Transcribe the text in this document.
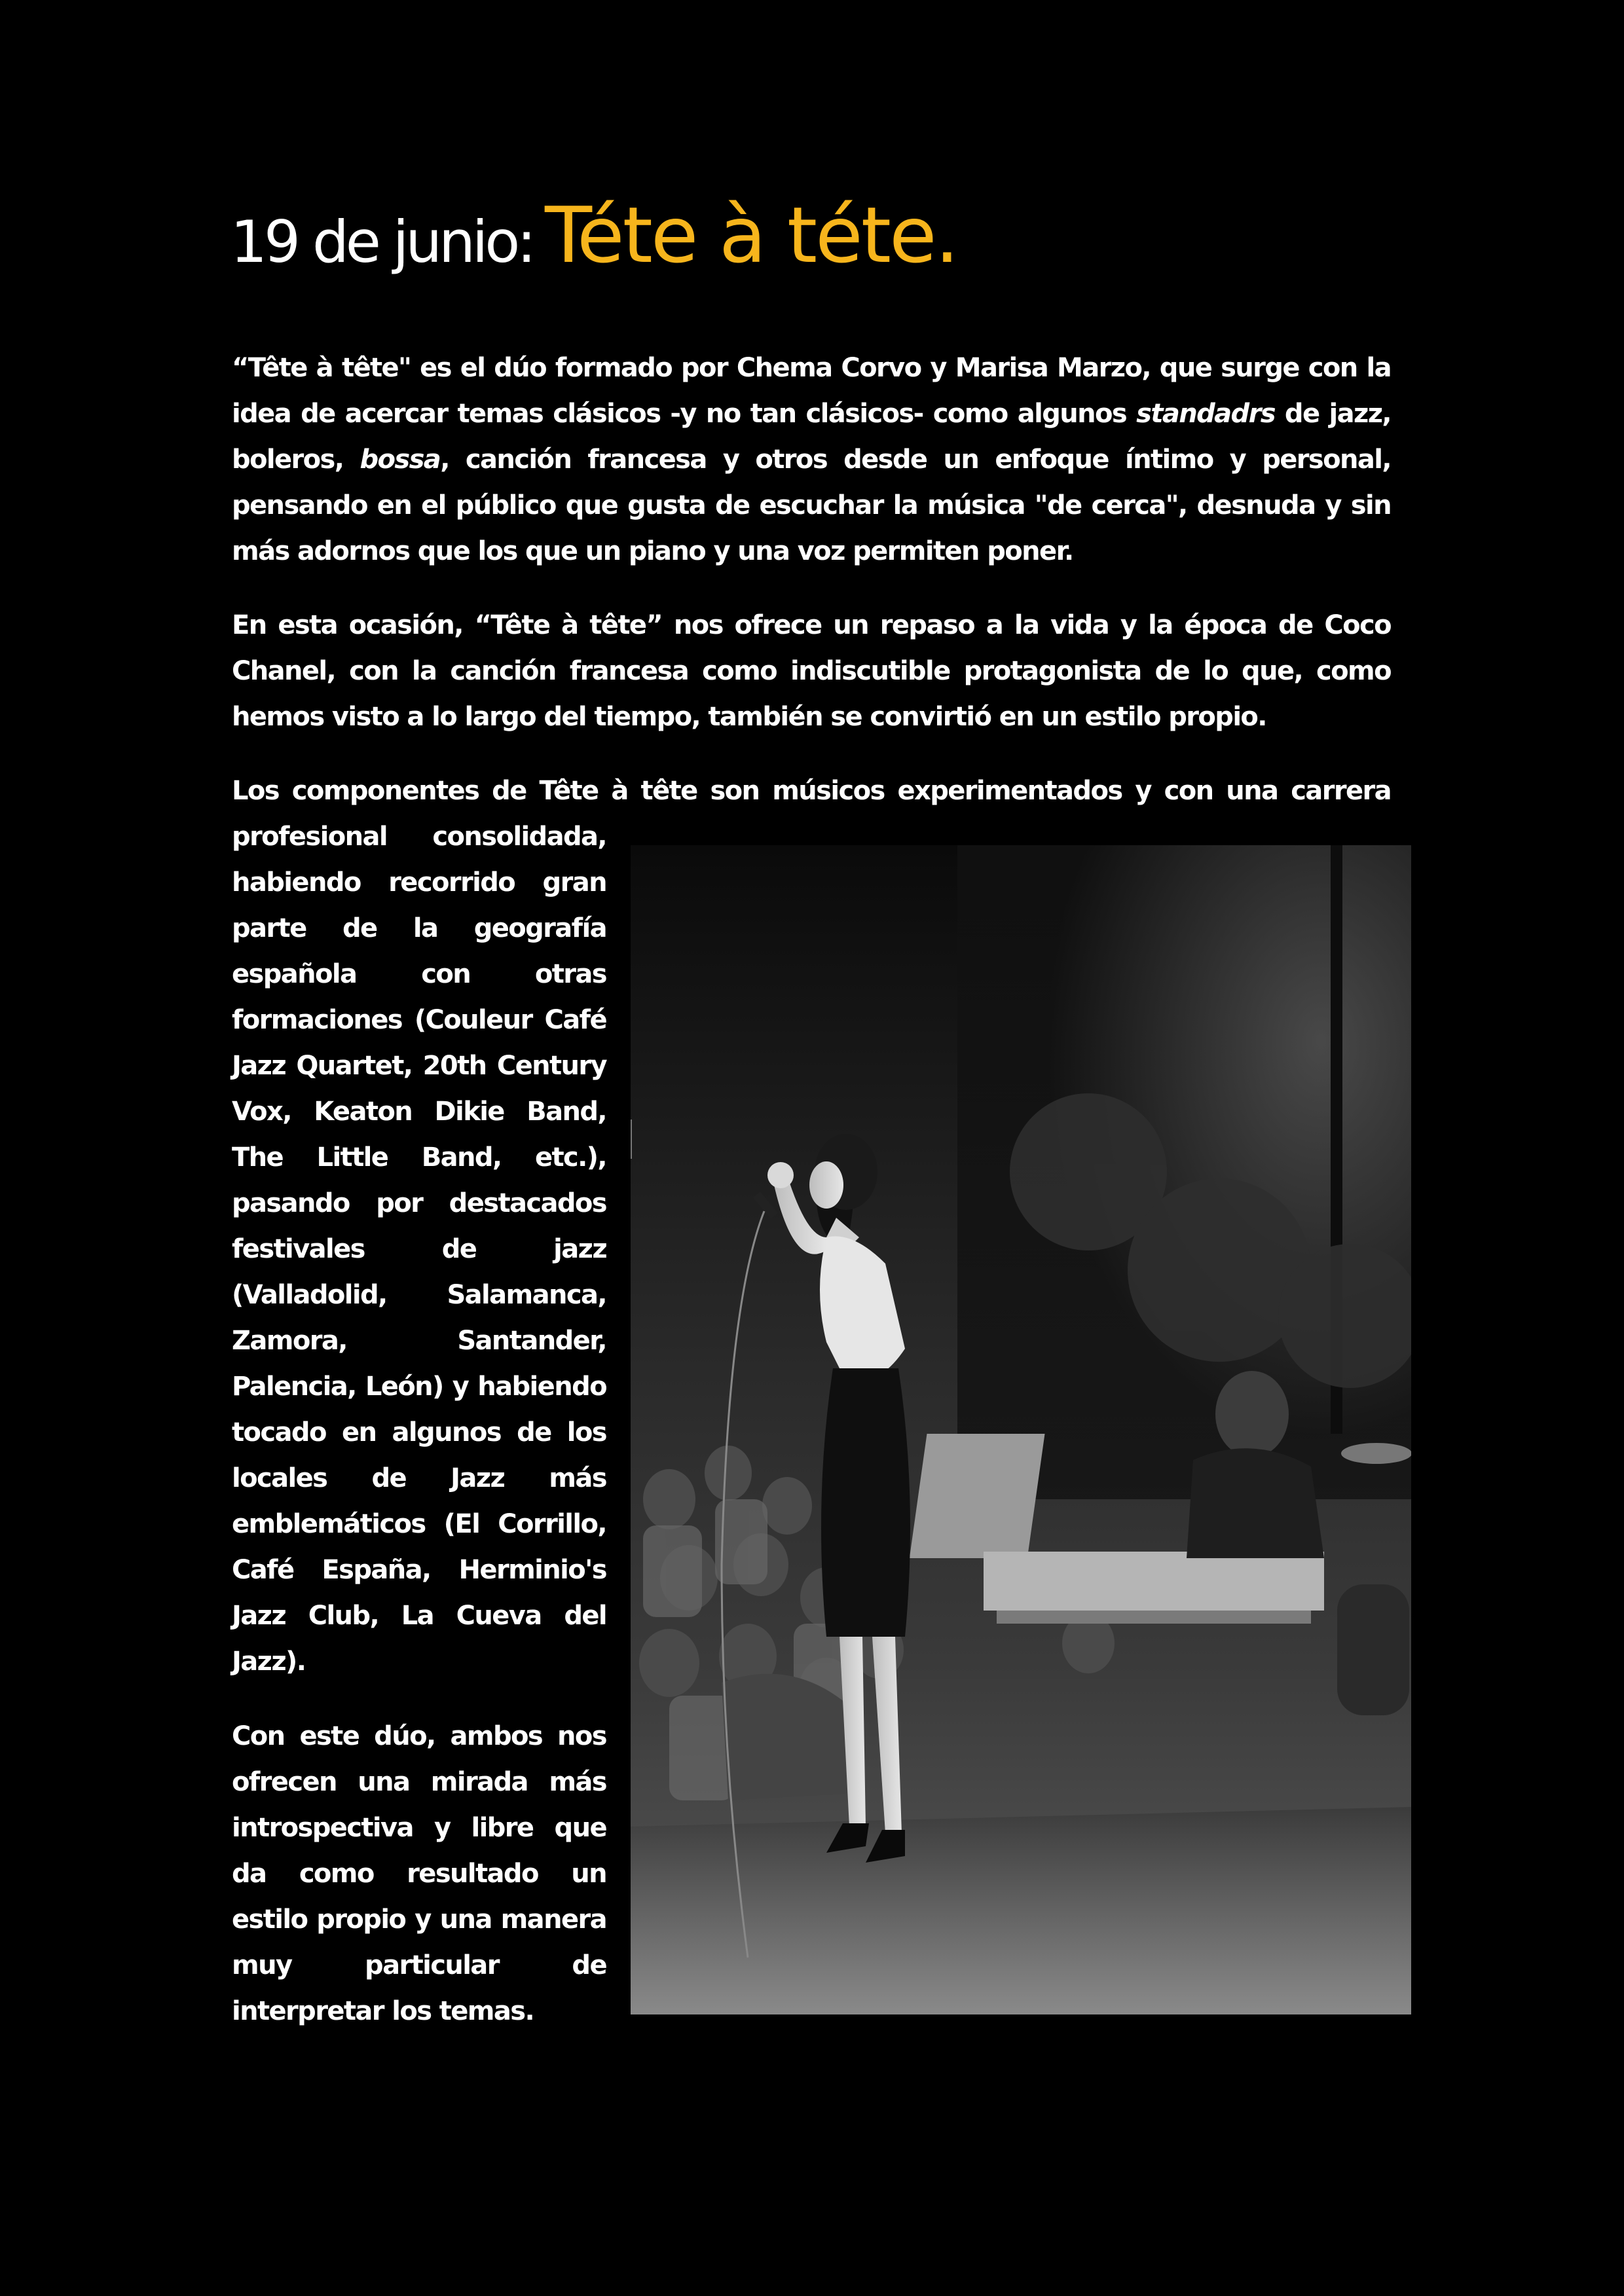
19 de junio: Téte à téte.

“Tête à tête" es el dúo formado por Chema Corvo y Marisa Marzo, que surge con la idea de acercar temas clásicos -y no tan clásicos- como algunos standadrs de jazz, boleros, bossa, canción francesa y otros desde un enfoque íntimo y personal, pensando en el público que gusta de escuchar la música "de cerca", desnuda y sin más adornos que los que un piano y una voz permiten poner.

En esta ocasión, “Tête à tête” nos ofrece un repaso a la vida y la época de Coco Chanel, con la canción francesa como indiscutible protagonista de lo que, como hemos visto a lo largo del tiempo, también se convirtió en un estilo propio.

Los componentes de Tête à tête son músicos experimentados y con una carrera

profesional consolidada, habiendo recorrido gran parte de la geografía española con otras formaciones (Couleur Café Jazz Quartet, 20th Century Vox, Keaton Dikie Band, The Little Band, etc.), pasando por destacados festivales de jazz (Valladolid, Salamanca, Zamora, Santander, Palencia, León) y habiendo tocado en algunos de los locales de Jazz más emblemáticos (El Corrillo, Café España, Herminio's Jazz Club, La Cueva del Jazz).

Con este dúo, ambos nos ofrecen una mirada más introspectiva y libre que da como resultado un estilo propio y una manera muy particular de interpretar los temas.
